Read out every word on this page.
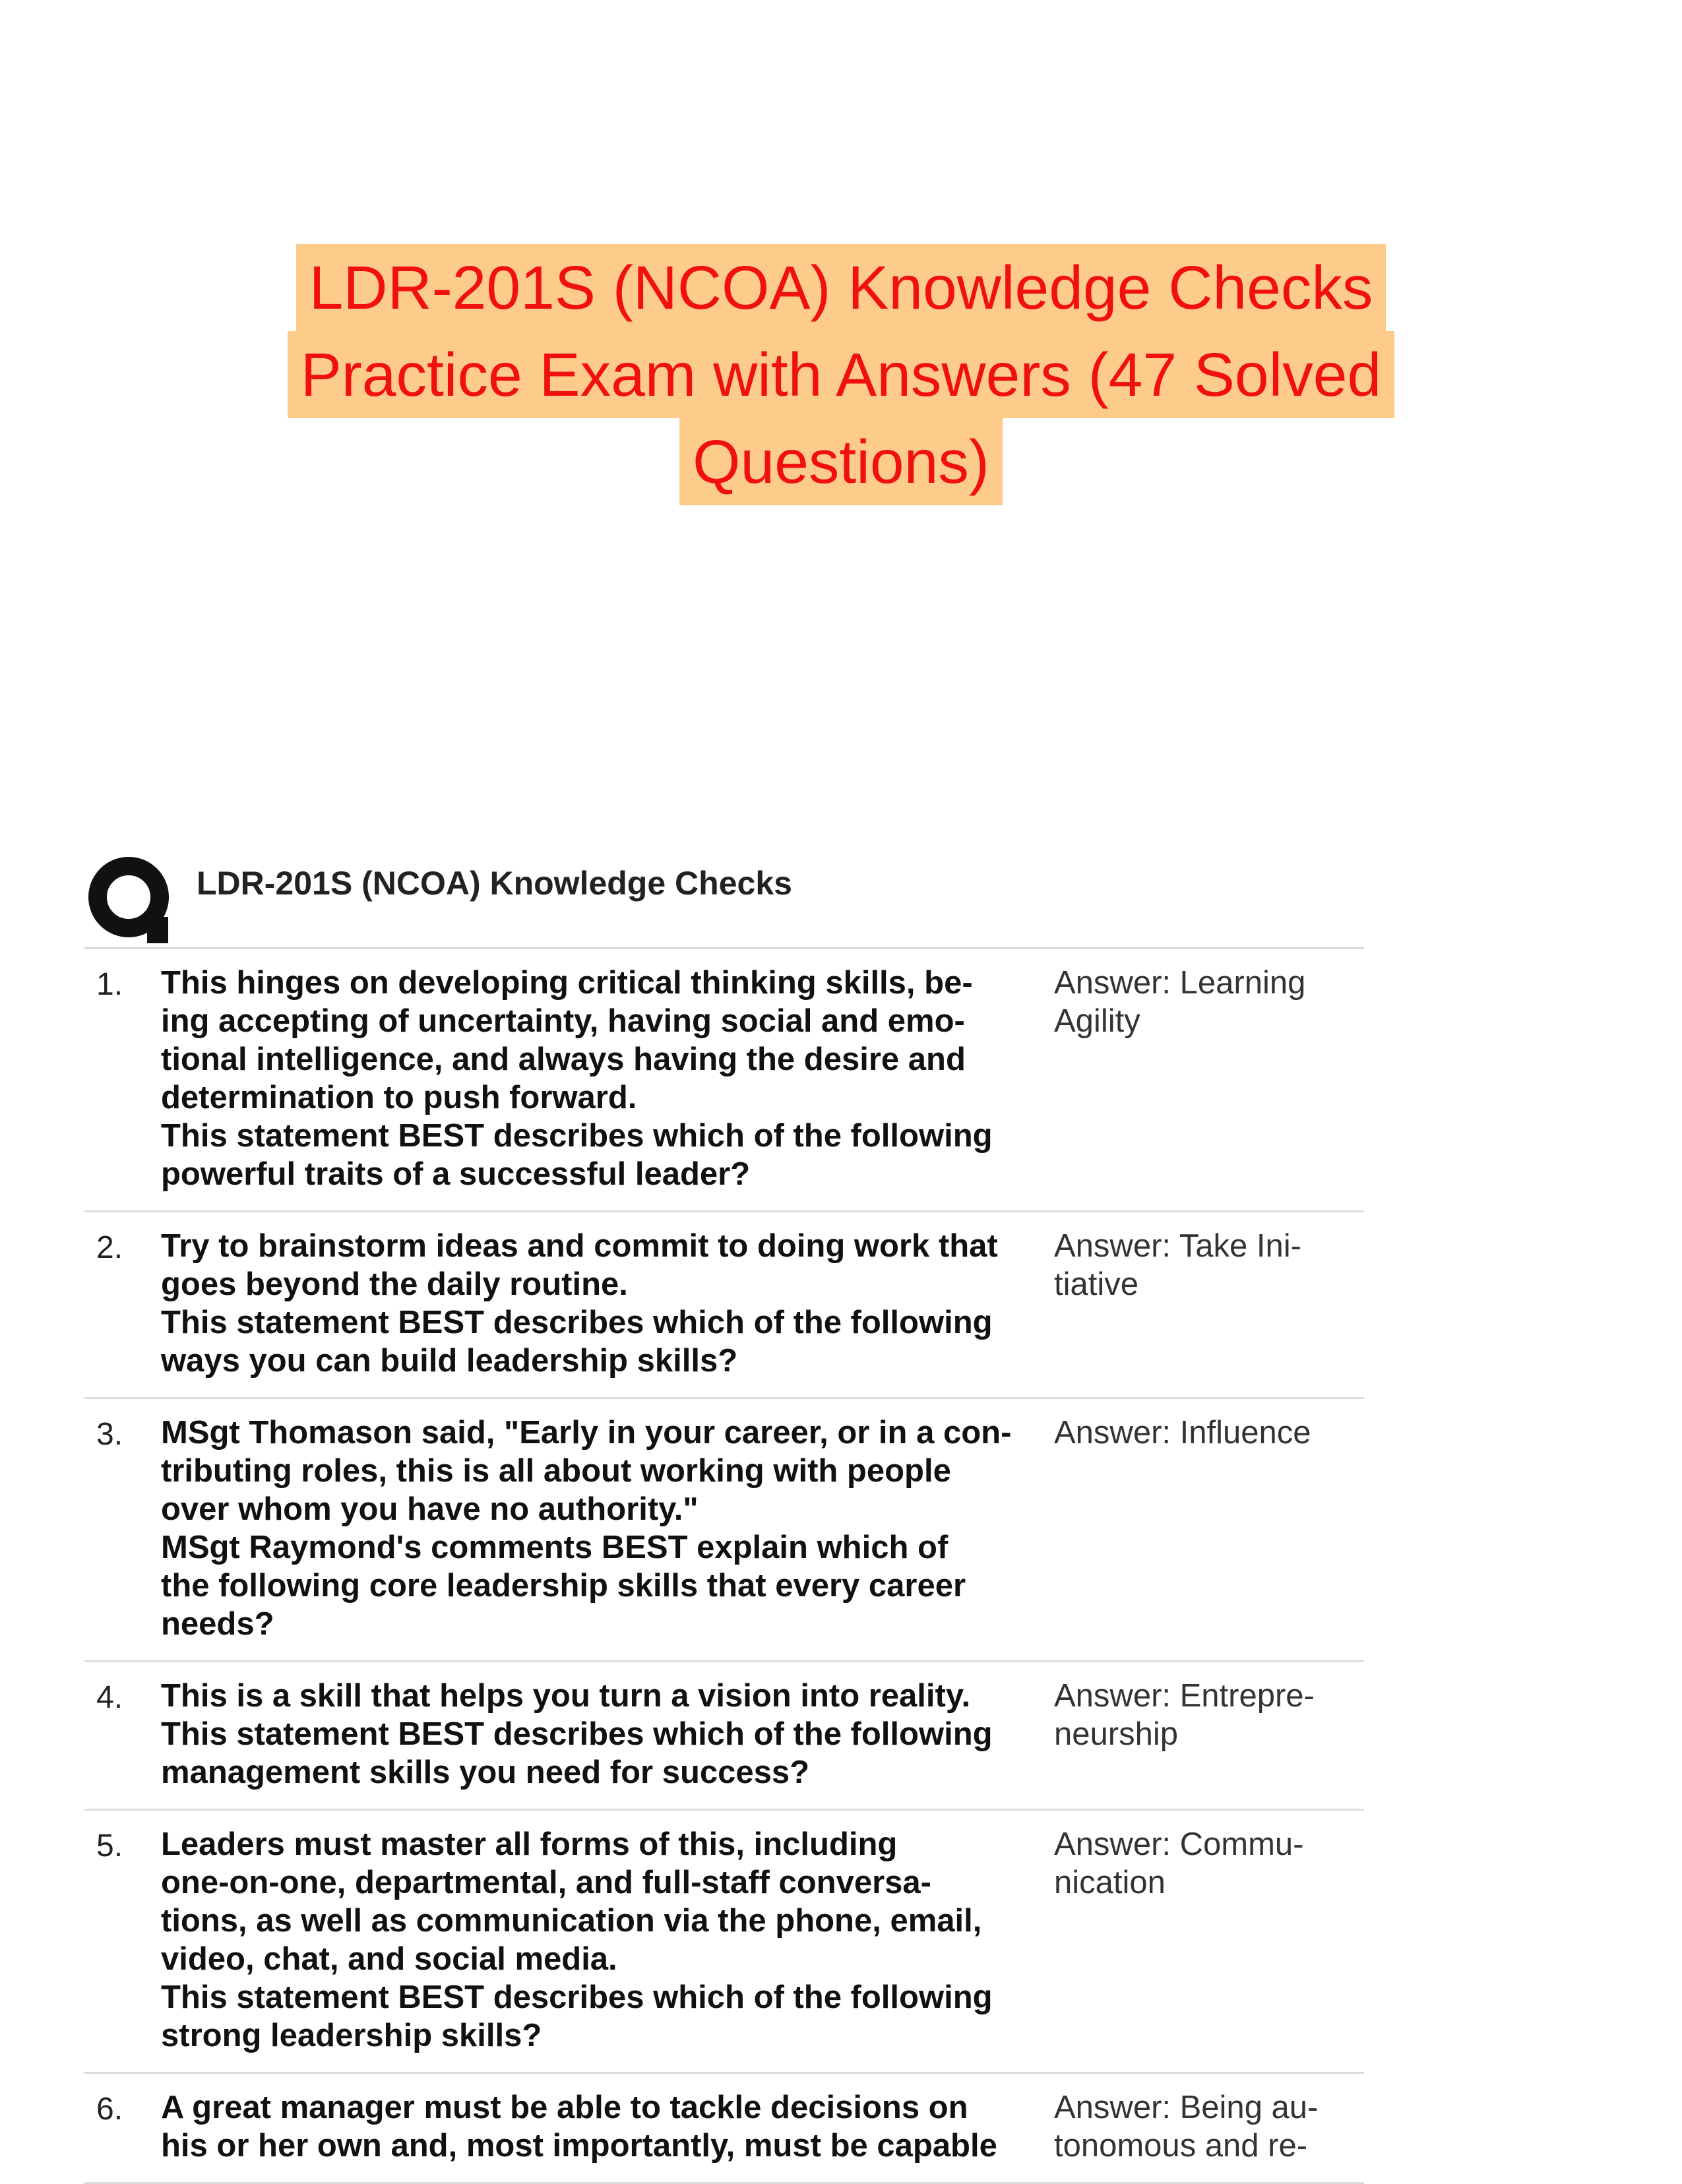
LDR-201S (NCOA) Knowledge Checks
Practice Exam with Answers (47 Solved
Questions)
LDR-201S (NCOA) Knowledge Checks
1. This hinges on developing critical thinking skills, be-
ing accepting of uncertainty, having social and emo-
tional intelligence, and always having the desire and
determination to push forward.
This statement BEST describes which of the following
powerful traits of a successful leader?
Answer: Learning
Agility
2. Try to brainstorm ideas and commit to doing work that
goes beyond the daily routine.
This statement BEST describes which of the following
ways you can build leadership skills?
Answer: Take Ini-
tiative
3. MSgt Thomason said, "Early in your career, or in a con-
tributing roles, this is all about working with people
over whom you have no authority."
MSgt Raymond's comments BEST explain which of
the following core leadership skills that every career
needs?
Answer: Influence
4. This is a skill that helps you turn a vision into reality.
This statement BEST describes which of the following
management skills you need for success?
Answer: Entrepre-
neurship
5. Leaders must master all forms of this, including
one-on-one, departmental, and full-staff conversa-
tions, as well as communication via the phone, email,
video, chat, and social media.
This statement BEST describes which of the following
strong leadership skills?
Answer: Commu-
nication
6. A great manager must be able to tackle decisions on
his or her own and, most importantly, must be capable
Answer: Being au-
tonomous and re-
